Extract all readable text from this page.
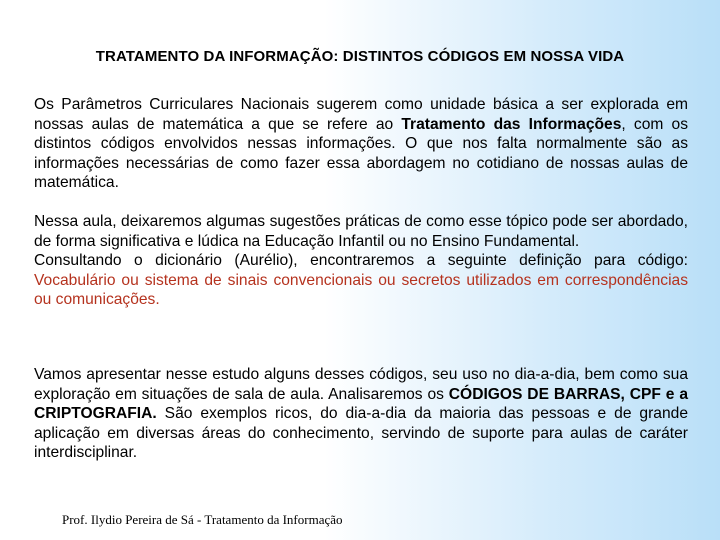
TRATAMENTO DA INFORMAÇÃO: DISTINTOS CÓDIGOS EM NOSSA VIDA
Os Parâmetros Curriculares Nacionais sugerem como unidade básica a ser explorada em nossas aulas de matemática a que se refere ao Tratamento das Informações, com os distintos códigos envolvidos nessas informações. O que nos falta normalmente são as informações necessárias de como fazer essa abordagem no cotidiano de nossas aulas de matemática.
Nessa aula, deixaremos algumas sugestões práticas de como esse tópico pode ser abordado, de forma significativa e lúdica na Educação Infantil ou no Ensino Fundamental.
Consultando o dicionário (Aurélio), encontraremos a seguinte definição para código: Vocabulário ou sistema de sinais convencionais ou secretos utilizados em correspondências ou comunicações.
Vamos apresentar nesse estudo alguns desses códigos, seu uso no dia-a-dia, bem como sua exploração em situações de sala de aula. Analisaremos os CÓDIGOS DE BARRAS, CPF e a CRIPTOGRAFIA. São exemplos ricos, do dia-a-dia da maioria das pessoas e de grande aplicação em diversas áreas do conhecimento, servindo de suporte para aulas de caráter interdisciplinar.
Prof. Ilydio Pereira de Sá - Tratamento da Informação
